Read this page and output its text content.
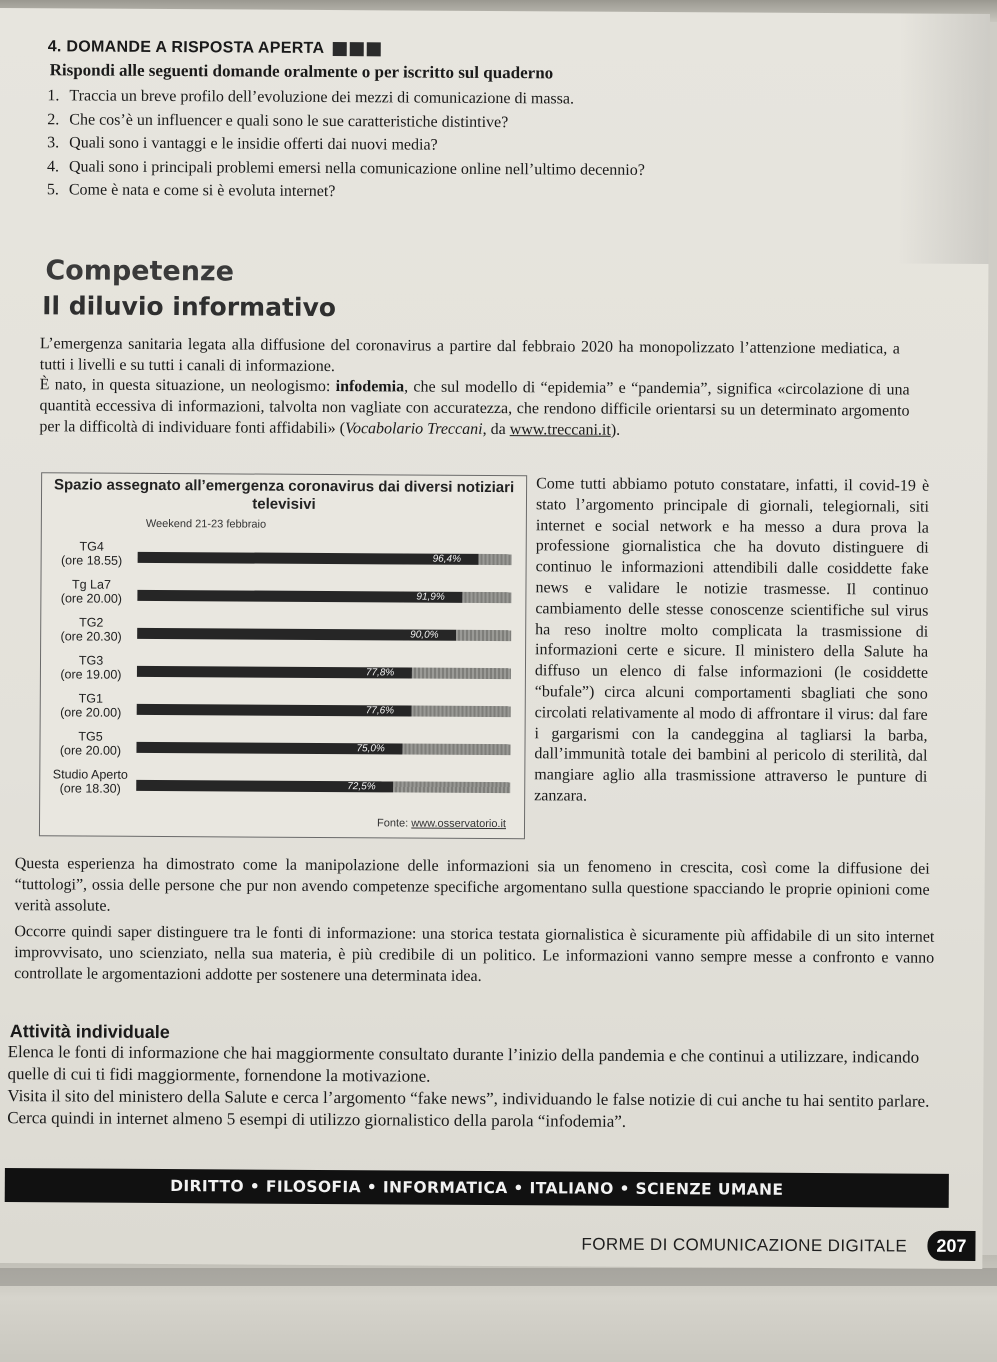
4. DOMANDE A RISPOSTA APERTA
Rispondi alle seguenti domande oralmente o per iscritto sul quaderno
1. Traccia un breve profilo dell’evoluzione dei mezzi di comunicazione di massa.
2. Che cos’è un influencer e quali sono le sue caratteristiche distintive?
3. Quali sono i vantaggi e le insidie offerti dai nuovi media?
4. Quali sono i principali problemi emersi nella comunicazione online nell’ultimo decennio?
5. Come è nata e come si è evoluta internet?
Competenze
Il diluvio informativo

L’emergenza sanitaria legata alla diffusione del coronavirus a partire dal febbraio 2020 ha monopolizzato l’attenzione mediatica, a tutti i livelli e su tutti i canali di informazione.

È nato, in questa situazione, un neologismo: infodemia, che sul modello di “epidemia” e “pandemia”, significa «circolazione di una quantità eccessiva di informazioni, talvolta non vagliate con accuratezza, che rendono difficile orientarsi su un determinato argomento per la difficoltà di individuare fonti affidabili» (Vocabolario Treccani, da www.treccani.it).

Spazio assegnato all’emergenza coronavirus dai diversi notiziari televisivi
Weekend 21-23 febbraio
Fonte: www.osservatorio.it
TG4
(ore 18.55)	96,4%
Tg La7
(ore 20.00)	91,9%
TG2
(ore 20.30)	90,0%
TG3
(ore 19.00)	77,8%
TG1
(ore 20.00)	77,6%
TG5
(ore 20.00)	75,0%
Studio Aperto
(ore 18.30)	72,5%

Come tutti abbiamo potuto constatare, infatti, il covid-19 è stato l’argomento principale di giornali, telegiornali, siti internet e social network e ha messo a dura prova la professione giornalistica che ha dovuto distinguere di continuo le informazioni attendibili dalle cosiddette fake news e validare le notizie trasmesse. Il continuo cambiamento delle stesse conoscenze scientifiche sul virus ha reso inoltre molto complicata la trasmissione di informazioni certe e sicure. Il ministero della Salute ha diffuso un elenco di false informazioni (le cosiddette “bufale”) circa alcuni comportamenti sbagliati che sono circolati relativamente al modo di affrontare il virus: dal fare i gargarismi con la candeggina al tagliarsi la barba, dall’immunità totale dei bambini al pericolo di sterilità, dal mangiare aglio alla trasmissione attraverso le punture di zanzara.

Questa esperienza ha dimostrato come la manipolazione delle informazioni sia un fenomeno in crescita, così come la diffusione dei “tuttologi”, ossia delle persone che pur non avendo competenze specifiche argomentano sulla questione spacciando le proprie opinioni come verità assolute.

Occorre quindi saper distinguere tra le fonti di informazione: una storica testata giornalistica è sicuramente più affidabile di un sito internet improvvisato, uno scienziato, nella sua materia, è più credibile di un politico. Le informazioni vanno sempre messe a confronto e vanno controllate le argomentazioni addotte per sostenere una determinata idea.

Attività individuale
Elenca le fonti di informazione che hai maggiormente consultato durante l’inizio della pandemia e che continui a utilizzare, indicando quelle di cui ti fidi maggiormente, fornendone la motivazione.
Visita il sito del ministero della Salute e cerca l’argomento “fake news”, individuando le false notizie di cui anche tu hai sentito parlare.
Cerca quindi in internet almeno 5 esempi di utilizzo giornalistico della parola “infodemia”.
DIRITTO • FILOSOFIA • INFORMATICA • ITALIANO • SCIENZE UMANE
FORME DI COMUNICAZIONE DIGITALE	207
